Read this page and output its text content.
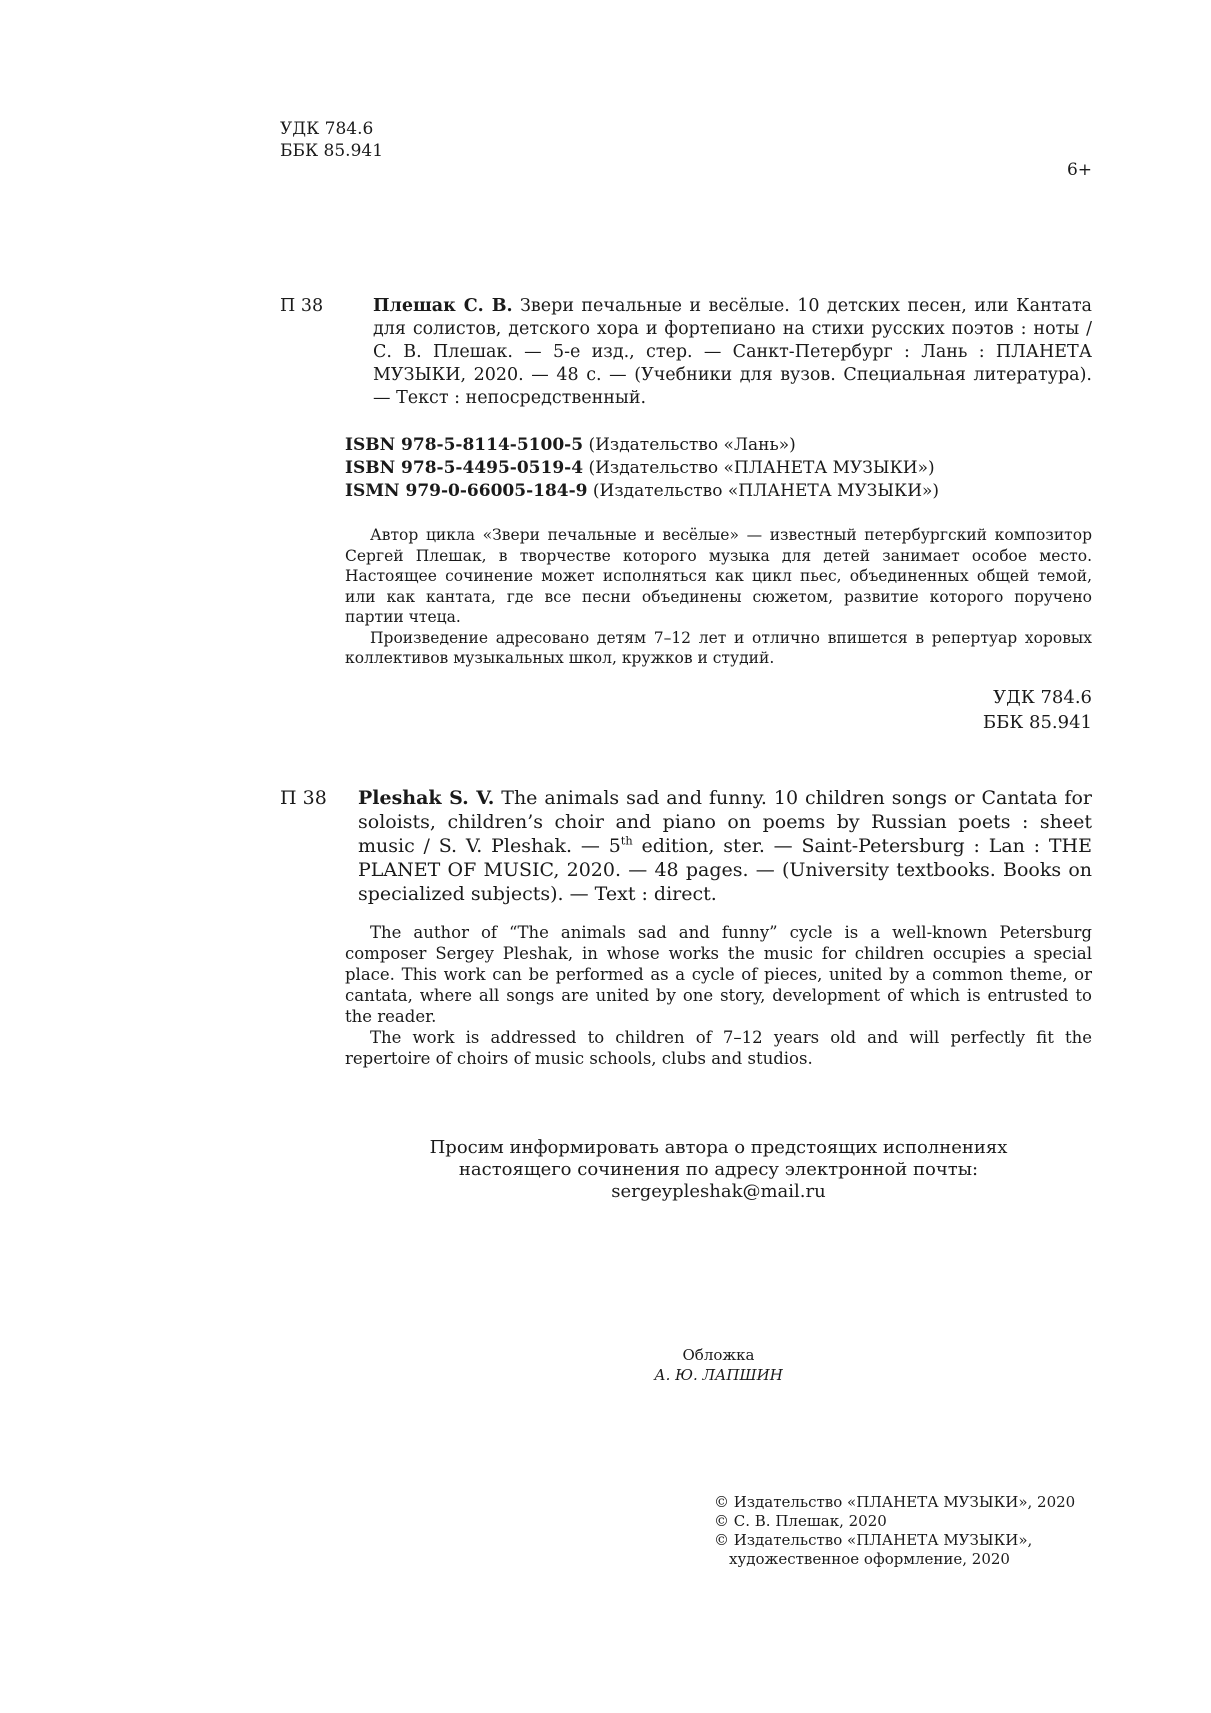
УДК 784.6
ББК 85.941
6+
П 38	Плешак С. В. Звери печальные и весёлые. 10 детских песен, или Кантата для солистов, детского хора и фортепиано на стихи русских поэтов : ноты / С. В. Плешак. — 5-е изд., стер. — Санкт-Петербург : Лань : ПЛАНЕТА МУЗЫКИ, 2020. — 48 с. — (Учебники для вузов. Специальная литература). — Текст : непосредственный.
ISBN 978-5-8114-5100-5 (Издательство «Лань»)
ISBN 978-5-4495-0519-4 (Издательство «ПЛАНЕТА МУЗЫКИ»)
ISMN 979-0-66005-184-9 (Издательство «ПЛАНЕТА МУЗЫКИ»)

Автор цикла «Звери печальные и весёлые» — известный петербургский композитор Сергей Плешак, в творчестве которого музыка для детей занимает особое место. Настоящее сочинение может исполняться как цикл пьес, объединенных общей темой, или как кантата, где все песни объединены сюжетом, развитие которого поручено партии чтеца.

Произведение адресовано детям 7–12 лет и отлично впишется в репертуар хоровых коллективов музыкальных школ, кружков и студий.

УДК 784.6
ББК 85.941
П 38	Pleshak S. V. The animals sad and funny. 10 children songs or Cantata for soloists, children’s choir and piano on poems by Russian poets : sheet music / S. V. Pleshak. — 5th edition, ster. — Saint-Petersburg : Lan : THE PLANET OF MUSIC, 2020. — 48 pages. — (University textbooks. Books on specialized subjects). — Text : direct.

The author of “The animals sad and funny” cycle is a well-known Petersburg composer Sergey Pleshak, in whose works the music for children occupies a special place. This work can be performed as a cycle of pieces, united by a common theme, or cantata, where all songs are united by one story, development of which is entrusted to the reader.

The work is addressed to children of 7–12 years old and will perfectly fit the repertoire of choirs of music schools, clubs and studios.

Просим информировать автора о предстоящих исполнениях
настоящего сочинения по адресу электронной почты:
sergeypleshak@mail.ru
Обложка
А. Ю. ЛАПШИН
© Издательство «ПЛАНЕТА МУЗЫКИ», 2020
© С. В. Плешак, 2020
© Издательство «ПЛАНЕТА МУЗЫКИ», художественное оформление, 2020
